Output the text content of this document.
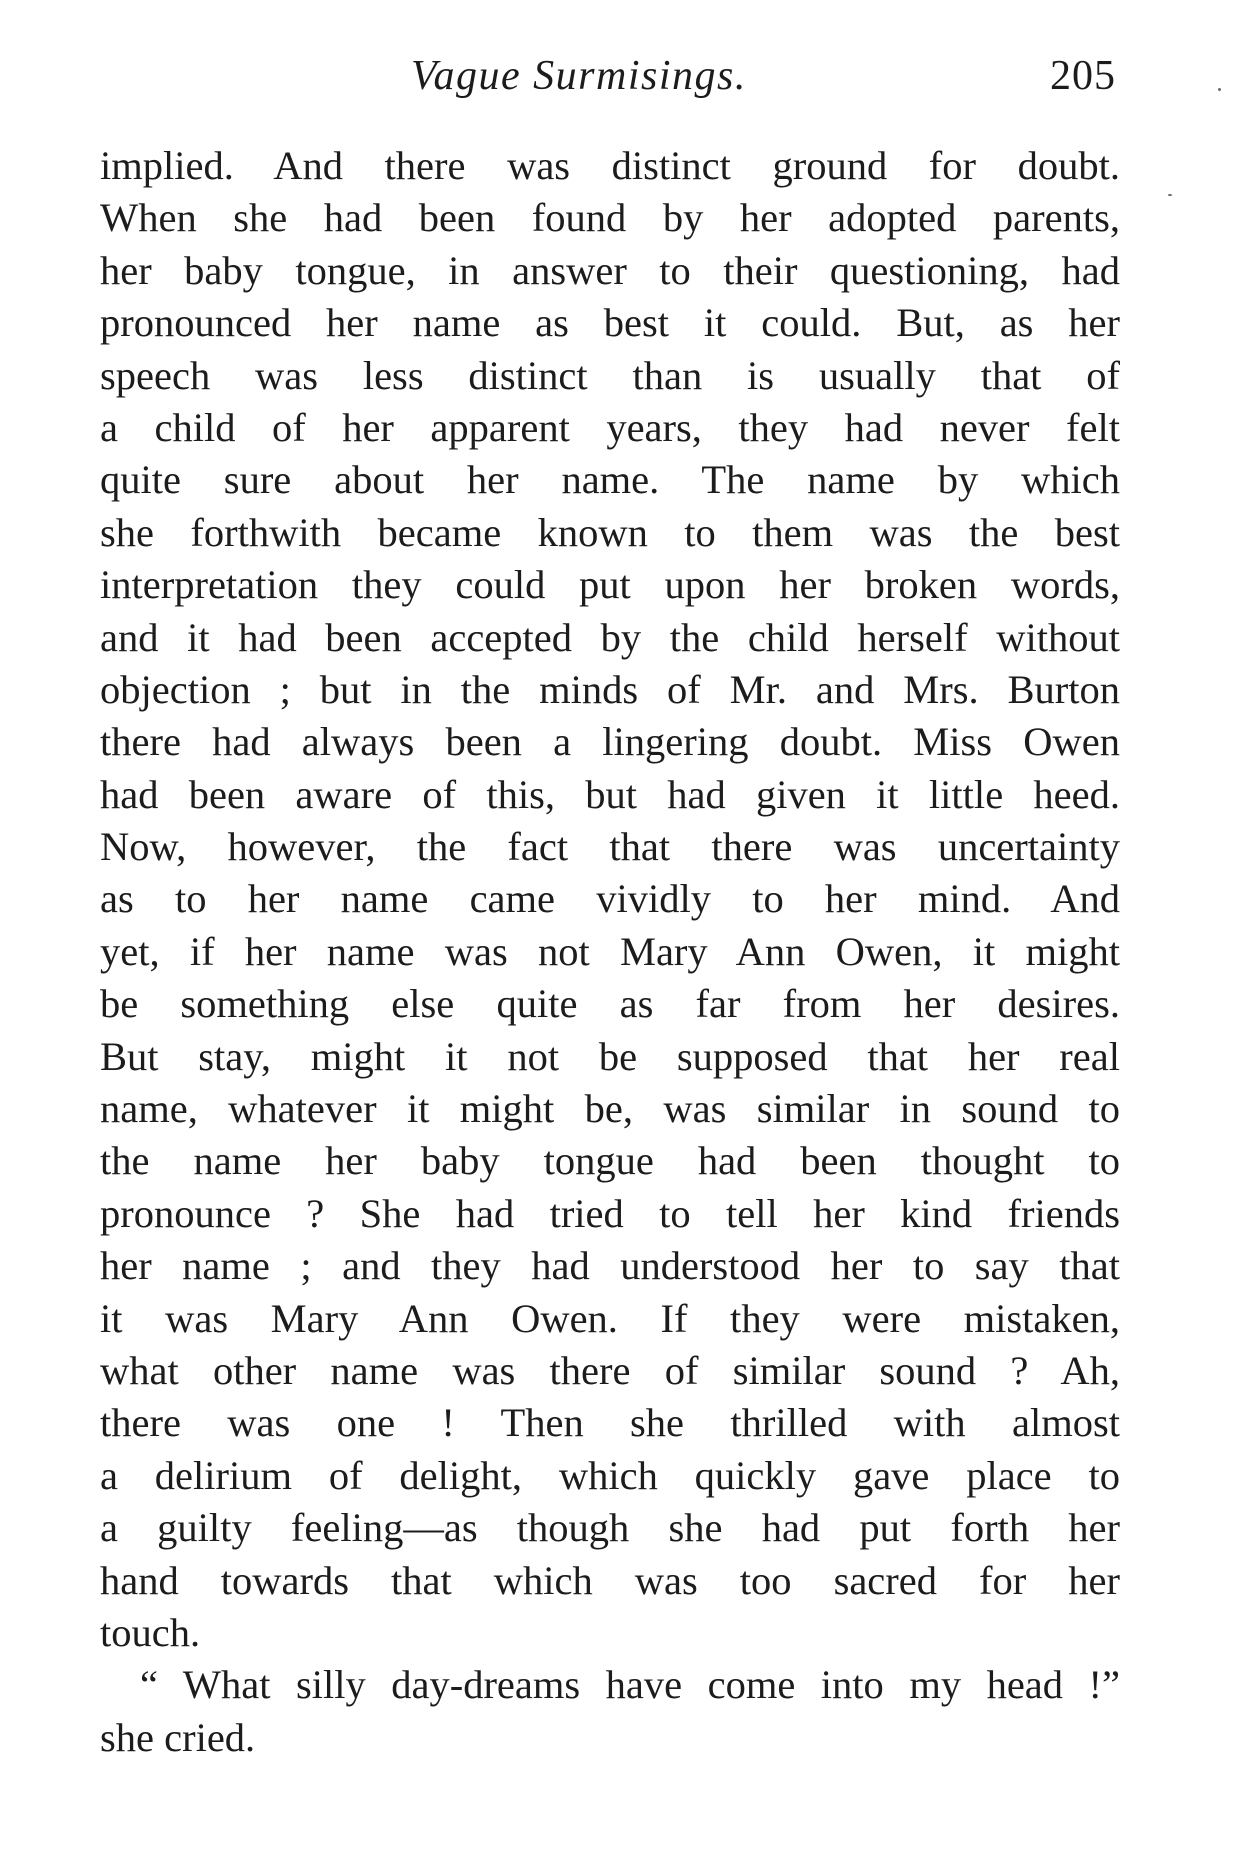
Vague Surmisings.	205
implied. And there was distinct ground for doubt.
When she had been found by her adopted parents,
her baby tongue, in answer to their questioning, had
pronounced her name as best it could. But, as her
speech was less distinct than is usually that of
a child of her apparent years, they had never felt
quite sure about her name. The name by which
she forthwith became known to them was the best
interpretation they could put upon her broken words,
and it had been accepted by the child herself without
objection ; but in the minds of Mr. and Mrs. Burton
there had always been a lingering doubt. Miss Owen
had been aware of this, but had given it little heed.
Now, however, the fact that there was uncertainty
as to her name came vividly to her mind. And
yet, if her name was not Mary Ann Owen, it might
be something else quite as far from her desires.
But stay, might it not be supposed that her real
name, whatever it might be, was similar in sound to
the name her baby tongue had been thought to
pronounce ? She had tried to tell her kind friends
her name ; and they had understood her to say that
it was Mary Ann Owen. If they were mistaken,
what other name was there of similar sound ? Ah,
there was one ! Then she thrilled with almost
a delirium of delight, which quickly gave place to
a guilty feeling—as though she had put forth her
hand towards that which was too sacred for her
touch.
“ What silly day-dreams have come into my head !”
she cried.
